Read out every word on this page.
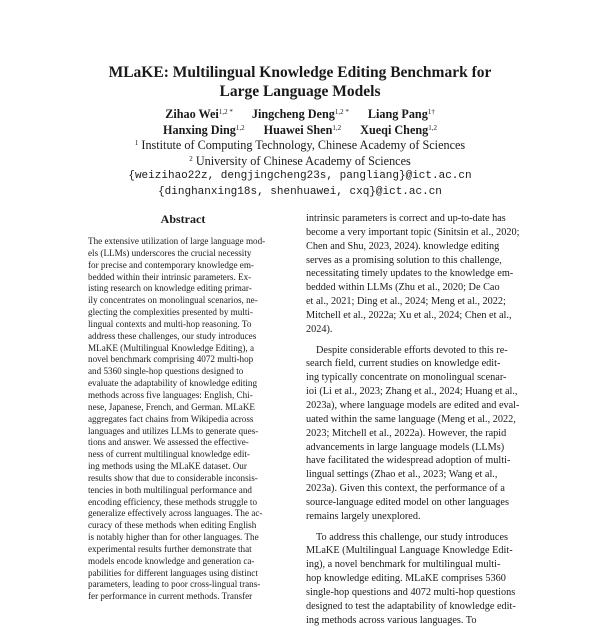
MLaKE: Multilingual Knowledge Editing Benchmark for
Large Language Models
Zihao Wei$^{1,2 *}$ Jingcheng Deng$^{1,2 *}$ Liang Pang$^{1\dagger}$
Hanxing Ding$^{1,2}$ Huawei Shen$^{1,2}$ Xueqi Cheng$^{1,2}$
$^1$ Institute of Computing Technology, Chinese Academy of Sciences
$^2$ University of Chinese Academy of Sciences
{weizihao22z, dengjingcheng23s, pangliang}@ict.ac.cn
{dinghanxing18s, shenhuawei, cxq}@ict.ac.cn
Abstract
The extensive utilization of large language mod-
els (LLMs) underscores the crucial necessity
for precise and contemporary knowledge em-
bedded within their intrinsic parameters. Ex-
isting research on knowledge editing primar-
ily concentrates on monolingual scenarios, ne-
glecting the complexities presented by multi-
lingual contexts and multi-hop reasoning. To
address these challenges, our study introduces
MLaKE (Multilingual Knowledge Editing), a
novel benchmark comprising 4072 multi-hop
and 5360 single-hop questions designed to
evaluate the adaptability of knowledge editing
methods across five languages: English, Chi-
nese, Japanese, French, and German. MLaKE
aggregates fact chains from Wikipedia across
languages and utilizes LLMs to generate ques-
tions and answer. We assessed the effective-
ness of current multilingual knowledge edit-
ing methods using the MLaKE dataset. Our
results show that due to considerable inconsis-
tencies in both multilingual performance and
encoding efficiency, these methods struggle to
generalize effectively across languages. The ac-
curacy of these methods when editing English
is notably higher than for other languages. The
experimental results further demonstrate that
models encode knowledge and generation ca-
pabilities for different languages using distinct
parameters, leading to poor cross-lingual trans-
fer performance in current methods. Transfer
intrinsic parameters is correct and up-to-date has
become a very important topic (Sinitsin et al., 2020;
Chen and Shu, 2023, 2024). knowledge editing
serves as a promising solution to this challenge,
necessitating timely updates to the knowledge em-
bedded within LLMs (Zhu et al., 2020; De Cao
et al., 2021; Ding et al., 2024; Meng et al., 2022;
Mitchell et al., 2022a; Xu et al., 2024; Chen et al.,
2024).
Despite considerable efforts devoted to this re-
search field, current studies on knowledge edit-
ing typically concentrate on monolingual scenar-
ioi (Li et al., 2023; Zhang et al., 2024; Huang et al.,
2023a), where language models are edited and eval-
uated within the same language (Meng et al., 2022,
2023; Mitchell et al., 2022a). However, the rapid
advancements in large language models (LLMs)
have facilitated the widespread adoption of multi-
lingual settings (Zhao et al., 2023; Wang et al.,
2023a). Given this context, the performance of a
source-language edited model on other languages
remains largely unexplored.
To address this challenge, our study introduces
MLaKE (Multilingual Language Knowledge Edit-
ing), a novel benchmark for multilingual multi-
hop knowledge editing. MLaKE comprises 5360
single-hop questions and 4072 multi-hop questions
designed to test the adaptability of knowledge edit-
ing methods across various languages. To
